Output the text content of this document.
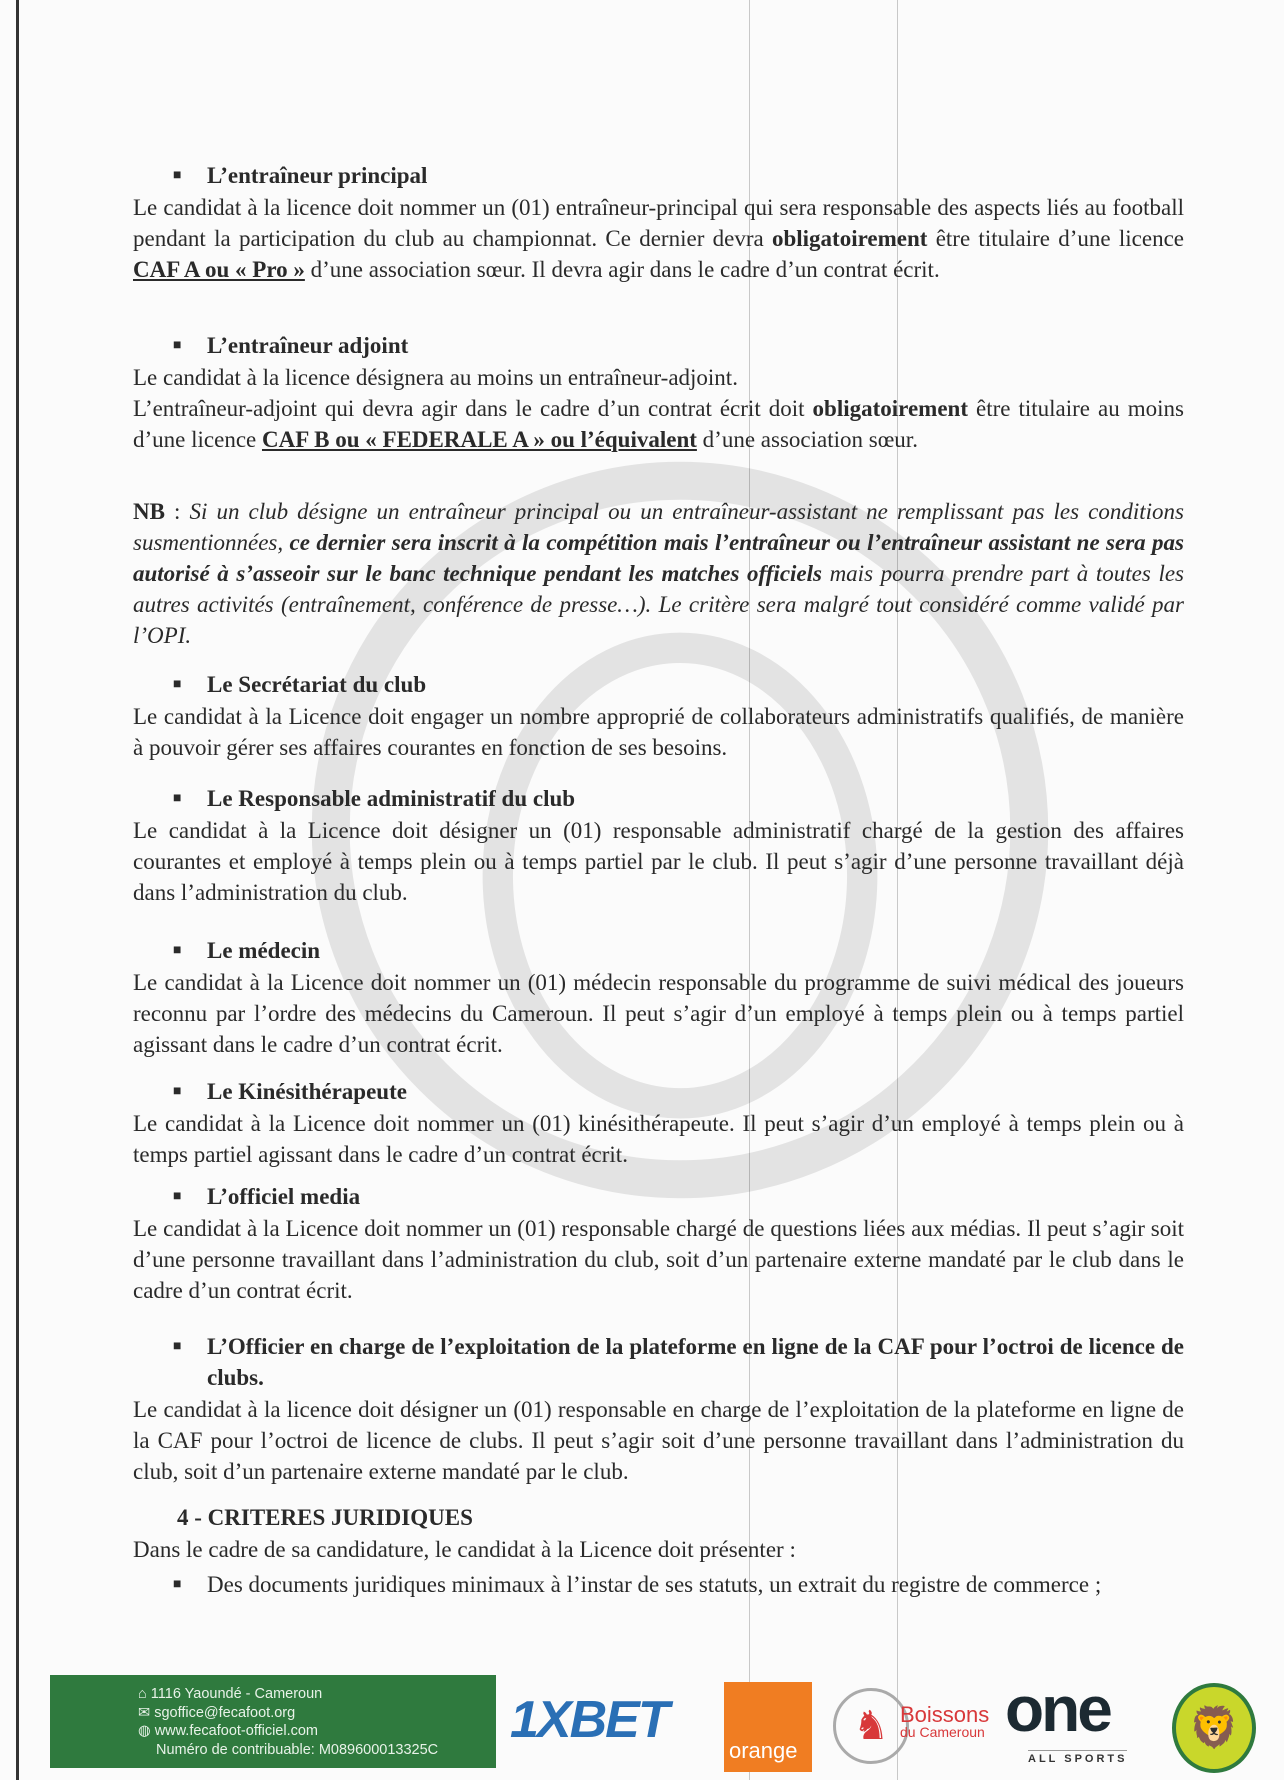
■ L’entraîneur principal

Le candidat à la licence doit nommer un (01) entraîneur-principal qui sera responsable des aspects liés au football pendant la participation du club au championnat. Ce dernier devra obligatoirement être titulaire d’une licence CAF A ou « Pro » d’une association sœur. Il devra agir dans le cadre d’un contrat écrit.

■ L’entraîneur adjoint

Le candidat à la licence désignera au moins un entraîneur-adjoint.

L’entraîneur-adjoint qui devra agir dans le cadre d’un contrat écrit doit obligatoirement être titulaire au moins d’une licence CAF B ou « FEDERALE A » ou l’équivalent d’une association sœur.

NB : Si un club désigne un entraîneur principal ou un entraîneur-assistant ne remplissant pas les conditions susmentionnées, ce dernier sera inscrit à la compétition mais l’entraîneur ou l’entraîneur assistant ne sera pas autorisé à s’asseoir sur le banc technique pendant les matches officiels mais pourra prendre part à toutes les autres activités (entraînement, conférence de presse…). Le critère sera malgré tout considéré comme validé par l’OPI.

■ Le Secrétariat du club

Le candidat à la Licence doit engager un nombre approprié de collaborateurs administratifs qualifiés, de manière à pouvoir gérer ses affaires courantes en fonction de ses besoins.

■ Le Responsable administratif du club

Le candidat à la Licence doit désigner un (01) responsable administratif chargé de la gestion des affaires courantes et employé à temps plein ou à temps partiel par le club. Il peut s’agir d’une personne travaillant déjà dans l’administration du club.

■ Le médecin

Le candidat à la Licence doit nommer un (01) médecin responsable du programme de suivi médical des joueurs reconnu par l’ordre des médecins du Cameroun. Il peut s’agir d’un employé à temps plein ou à temps partiel agissant dans le cadre d’un contrat écrit.

■ Le Kinésithérapeute

Le candidat à la Licence doit nommer un (01) kinésithérapeute. Il peut s’agir d’un employé à temps plein ou à temps partiel agissant dans le cadre d’un contrat écrit.

■ L’officiel media

Le candidat à la Licence doit nommer un (01) responsable chargé de questions liées aux médias. Il peut s’agir soit d’une personne travaillant dans l’administration du club, soit d’un partenaire externe mandaté par le club dans le cadre d’un contrat écrit.

■ L’Officier en charge de l’exploitation de la plateforme en ligne de la CAF pour l’octroi de licence de clubs.

Le candidat à la licence doit désigner un (01) responsable en charge de l’exploitation de la plateforme en ligne de la CAF pour l’octroi de licence de clubs. Il peut s’agir soit d’une personne travaillant dans l’administration du club, soit d’un partenaire externe mandaté par le club.

4 - CRITERES JURIDIQUES

Dans le cadre de sa candidature, le candidat à la Licence doit présenter :

■ Des documents juridiques minimaux à l’instar de ses statuts, un extrait du registre de commerce ;
⌂ 1116 Yaoundé - Cameroun
✉ sgoffice@fecafoot.org
◍ www.fecafoot-officiel.com
Numéro de contribuable: M089600013325C
1XBET
orange
♞ Boissons
du Cameroun one
ALL SPORTS
🦁
